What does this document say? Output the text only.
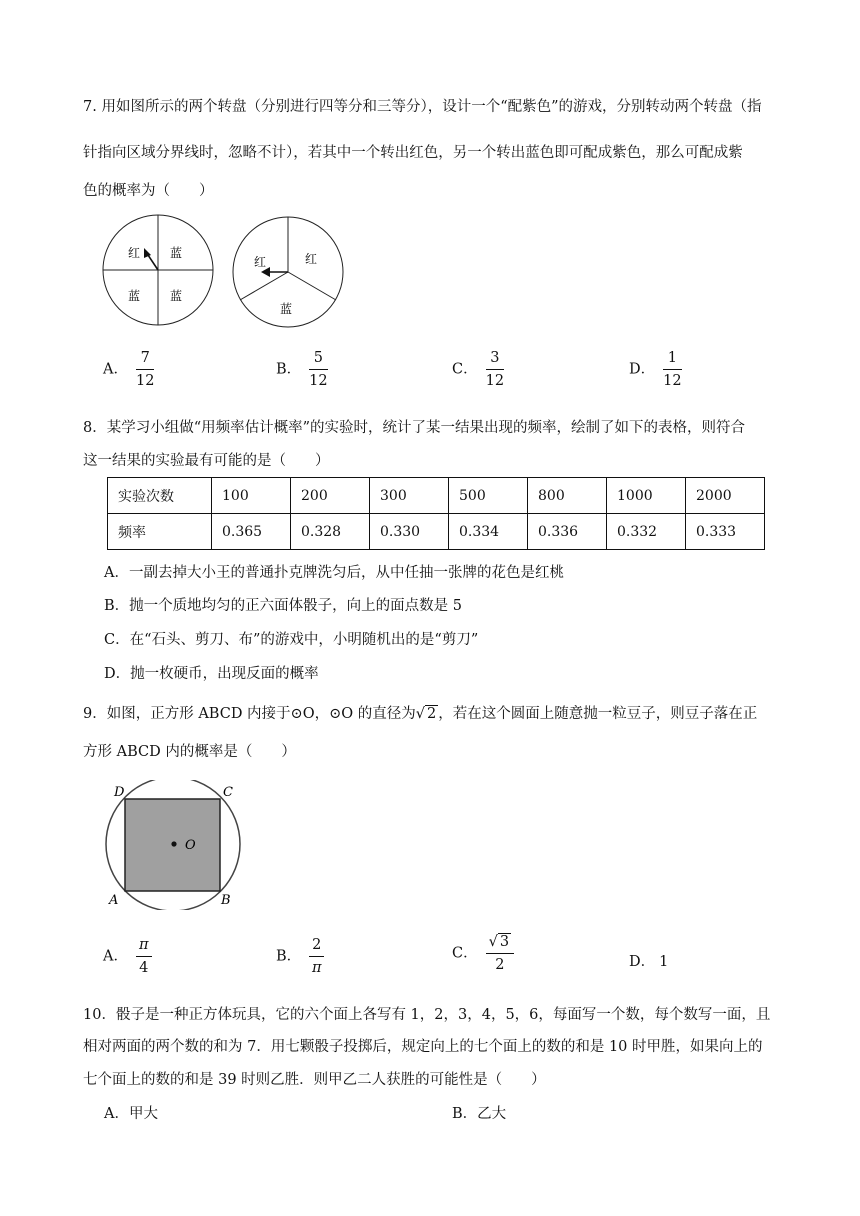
7. 用如图所示的两个转盘（分别进行四等分和三等分），设计一个“配紫色”的游戏，分别转动两个转盘（指
针指向区域分界线时，忽略不计），若其中一个转出红色，另一个转出蓝色即可配成紫色，那么可配成紫
色的概率为（　　）
红 蓝
蓝 蓝
红	红
蓝
A． $\frac{7}{12}$	B． $\frac{5}{12}$	C． $\frac{3}{12}$	D． $\frac{1}{12}$
8．某学习小组做“用频率估计概率”的实验时，统计了某一结果出现的频率，绘制了如下的表格，则符合
这一结果的实验最有可能的是（　　）
实验次数	100	200	300	500	800	1000	2000
频率	0.365	0.328	0.330	0.334	0.336	0.332	0.333
A．一副去掉大小王的普通扑克牌洗匀后，从中任抽一张牌的花色是红桃
B．抛一个质地均匀的正六面体骰子，向上的面点数是 5
C．在“石头、剪刀、布”的游戏中，小明随机出的是“剪刀”
D．抛一枚硬币，出现反面的概率
9．如图，正方形 ABCD 内接于⊙O，⊙O 的直径为√ 2 ，若在这个圆面上随意抛一粒豆子，则豆子落在正
方形 ABCD 内的概率是（　　）
O
D	C
A	B
A． $\frac{\pi}{4}$	B． $\frac{2}{\pi}$	C． $\frac{√ 3}{2}$	D． 1
10．骰子是一种正方体玩具，它的六个面上各写有 1，2，3，4，5，6，每面写一个数，每个数写一面，且
相对两面的两个数的和为 7．用七颗骰子投掷后，规定向上的七个面上的数的和是 10 时甲胜，如果向上的
七个面上的数的和是 39 时则乙胜．则甲乙二人获胜的可能性是（　　）
A．甲大	B．乙大
